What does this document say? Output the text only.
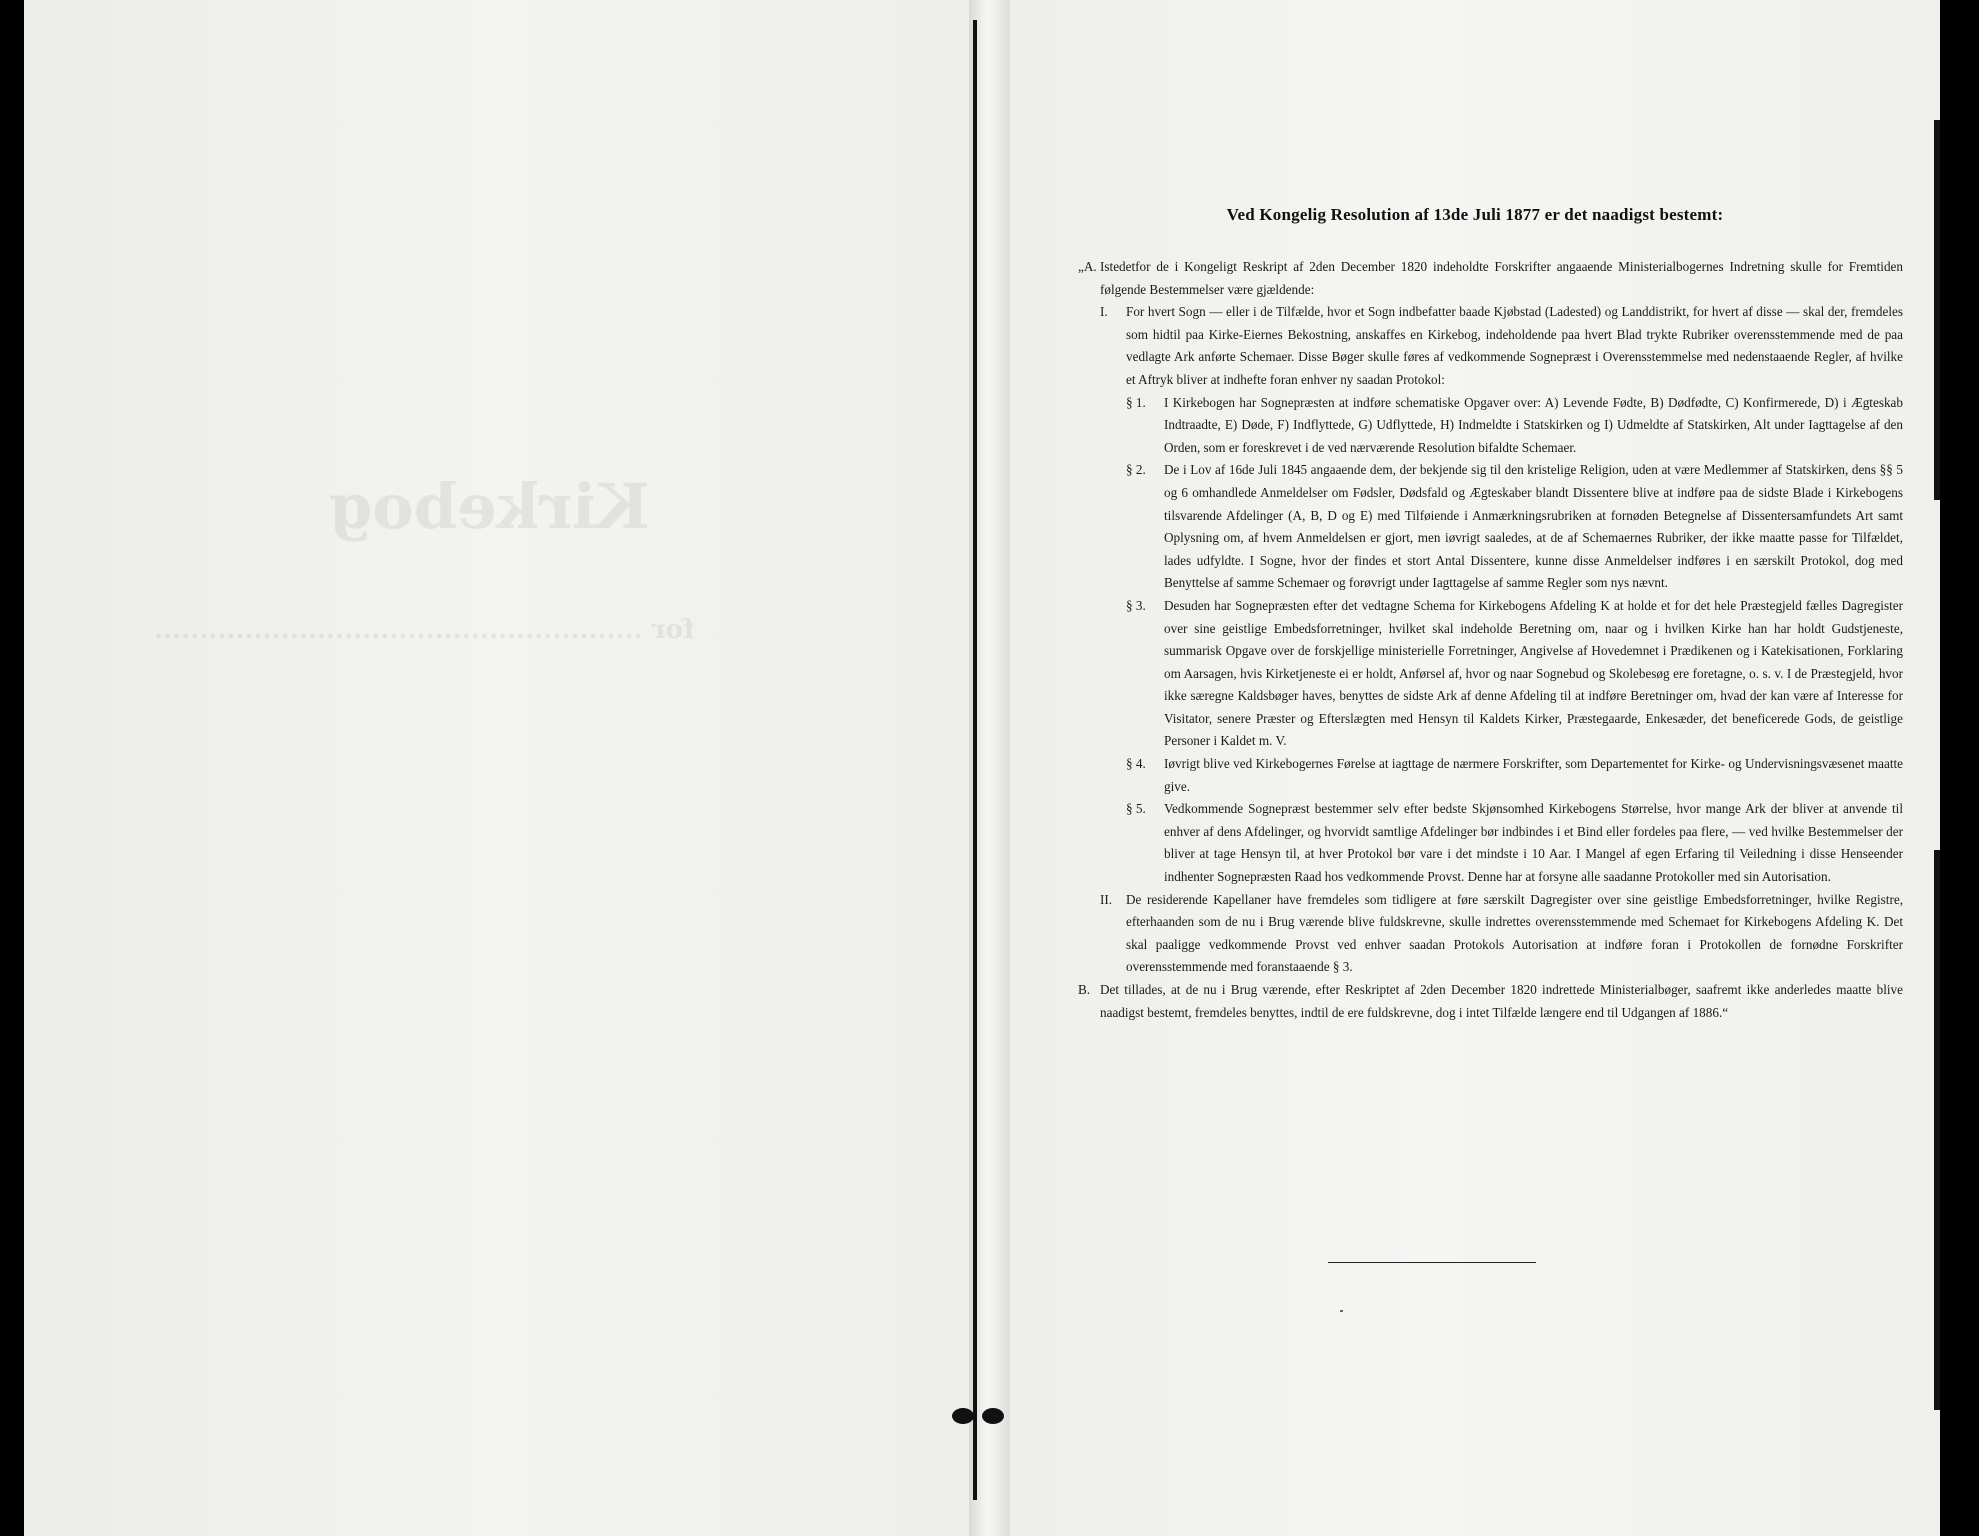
Kirkebog
for ......................................................
Ved Kongelig Resolution af 13de Juli 1877 er det naadigst bestemt:
„A. Istedetfor de i Kongeligt Reskript af 2den December 1820 indeholdte Forskrifter angaaende Ministerialbogernes Indretning skulle for Fremtiden følgende Bestemmelser være gjældende:
I.	For hvert Sogn — eller i de Tilfælde, hvor et Sogn indbefatter baade Kjøbstad (Ladested) og Landdistrikt, for hvert af disse — skal der, fremdeles som hidtil paa Kirke-Eiernes Bekostning, anskaffes en Kirkebog, indeholdende paa hvert Blad trykte Rubriker overensstemmende med de paa vedlagte Ark anførte Schemaer. Disse Bøger skulle føres af vedkommende Sognepræst i Overensstemmelse med nedenstaaende Regler, af hvilke et Aftryk bliver at indhefte foran enhver ny saadan Protokol:
§ 1.	I Kirkebogen har Sognepræsten at indføre schematiske Opgaver over: A) Levende Fødte, B) Dødfødte, C) Konfirmerede, D) i Ægteskab Indtraadte, E) Døde, F) Indflyttede, G) Udflyttede, H) Indmeldte i Statskirken og I) Udmeldte af Statskirken, Alt under Iagttagelse af den Orden, som er foreskrevet i de ved nærværende Resolution bifaldte Schemaer.
§ 2.	De i Lov af 16de Juli 1845 angaaende dem, der bekjende sig til den kristelige Religion, uden at være Medlemmer af Statskirken, dens §§ 5 og 6 omhandlede Anmeldelser om Fødsler, Dødsfald og Ægteskaber blandt Dissentere blive at indføre paa de sidste Blade i Kirkebogens tilsvarende Afdelinger (A, B, D og E) med Tilføiende i Anmærkningsrubriken at fornøden Betegnelse af Dissentersamfundets Art samt Oplysning om, af hvem Anmeldelsen er gjort, men iøvrigt saaledes, at de af Schemaernes Rubriker, der ikke maatte passe for Tilfældet, lades udfyldte. I Sogne, hvor der findes et stort Antal Dissentere, kunne disse Anmeldelser indføres i en særskilt Protokol, dog med Benyttelse af samme Schemaer og forøvrigt under Iagttagelse af samme Regler som nys nævnt.
§ 3.	Desuden har Sognepræsten efter det vedtagne Schema for Kirkebogens Afdeling K at holde et for det hele Præstegjeld fælles Dagregister over sine geistlige Embedsforretninger, hvilket skal indeholde Beretning om, naar og i hvilken Kirke han har holdt Gudstjeneste, summarisk Opgave over de forskjellige ministerielle Forretninger, Angivelse af Hovedemnet i Prædikenen og i Katekisationen, Forklaring om Aarsagen, hvis Kirketjeneste ei er holdt, Anførsel af, hvor og naar Sognebud og Skolebesøg ere foretagne, o. s. v. I de Præstegjeld, hvor ikke særegne Kaldsbøger haves, benyttes de sidste Ark af denne Afdeling til at indføre Beretninger om, hvad der kan være af Interesse for Visitator, senere Præster og Efterslægten med Hensyn til Kaldets Kirker, Præstegaarde, Enkesæder, det beneficerede Gods, de geistlige Personer i Kaldet m. V.
§ 4.	Iøvrigt blive ved Kirkebogernes Førelse at iagttage de nærmere Forskrifter, som Departementet for Kirke- og Undervisningsvæsenet maatte give.
§ 5.	Vedkommende Sognepræst bestemmer selv efter bedste Skjønsomhed Kirkebogens Størrelse, hvor mange Ark der bliver at anvende til enhver af dens Afdelinger, og hvorvidt samtlige Afdelinger bør indbindes i et Bind eller fordeles paa flere, — ved hvilke Bestemmelser der bliver at tage Hensyn til, at hver Protokol bør vare i det mindste i 10 Aar. I Mangel af egen Erfaring til Veiledning i disse Henseender indhenter Sognepræsten Raad hos vedkommende Provst. Denne har at forsyne alle saadanne Protokoller med sin Autorisation.
II.	De residerende Kapellaner have fremdeles som tidligere at føre særskilt Dagregister over sine geistlige Embedsforretninger, hvilke Registre, efterhaanden som de nu i Brug værende blive fuldskrevne, skulle indrettes overensstemmende med Schemaet for Kirkebogens Afdeling K. Det skal paaligge vedkommende Provst ved enhver saadan Protokols Autorisation at indføre foran i Protokollen de fornødne Forskrifter overensstemmende med foranstaaende § 3.
B. Det tillades, at de nu i Brug værende, efter Reskriptet af 2den December 1820 indrettede Ministerialbøger, saafremt ikke anderledes maatte blive naadigst bestemt, fremdeles benyttes, indtil de ere fuldskrevne, dog i intet Tilfælde længere end til Udgangen af 1886.“
